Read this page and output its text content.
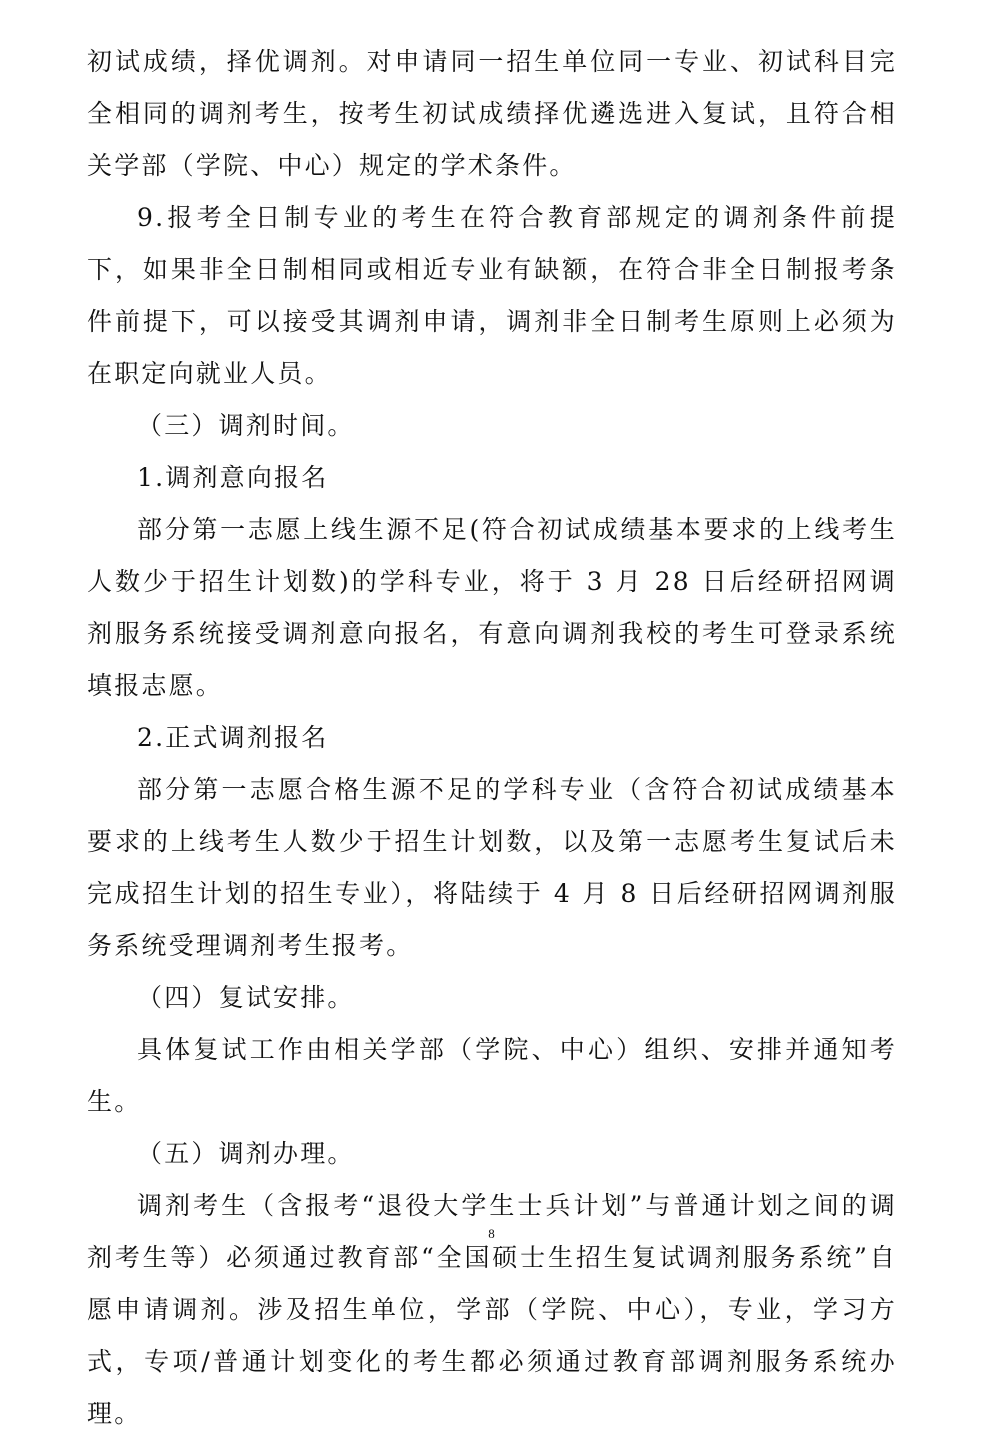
初试成绩，择优调剂。对申请同一招生单位同一专业、初试科目完全相同的调剂考生，按考生初试成绩择优遴选进入复试，且符合相关学部（学院、中心）规定的学术条件。

9.报考全日制专业的考生在符合教育部规定的调剂条件前提下，如果非全日制相同或相近专业有缺额，在符合非全日制报考条件前提下，可以接受其调剂申请，调剂非全日制考生原则上必须为在职定向就业人员。

（三）调剂时间。

1.调剂意向报名

部分第一志愿上线生源不足(符合初试成绩基本要求的上线考生人数少于招生计划数)的学科专业，将于 3 月 28 日后经研招网调剂服务系统接受调剂意向报名，有意向调剂我校的考生可登录系统填报志愿。

2.正式调剂报名

部分第一志愿合格生源不足的学科专业（含符合初试成绩基本要求的上线考生人数少于招生计划数，以及第一志愿考生复试后未完成招生计划的招生专业），将陆续于 4 月 8 日后经研招网调剂服务系统受理调剂考生报考。

（四）复试安排。

具体复试工作由相关学部（学院、中心）组织、安排并通知考生。

（五）调剂办理。

调剂考生（含报考“退役大学生士兵计划”与普通计划之间的调剂考生等）必须通过教育部“全国硕士生招生复试调剂服务系统”自愿申请调剂。涉及招生单位，学部（学院、中心），专业，学习方式，专项/普通计划变化的考生都必须通过教育部调剂服务系统办理。

8
